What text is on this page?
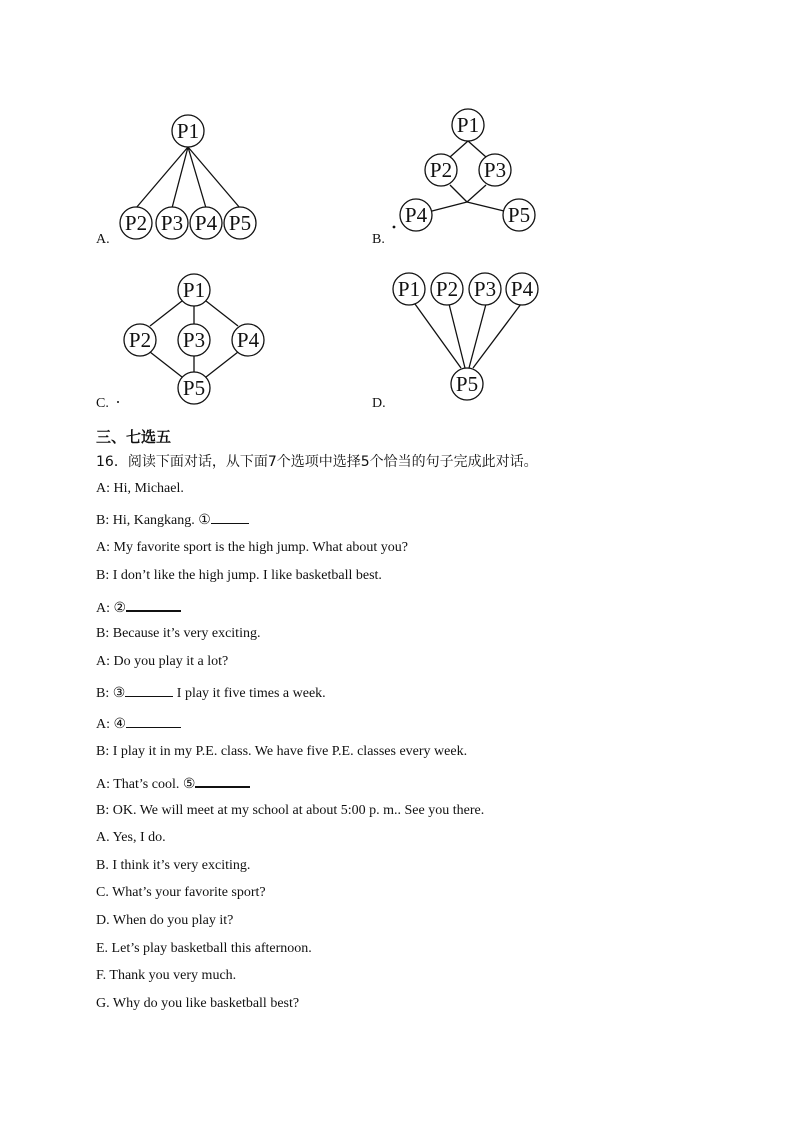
A.
P1
P2 P3 P4 P5
B.
P1
P2 P3
P4	P5
C.
P1
P2 P3 P4
P5
D.
P1 P2 P3 P4
P5
三、七选五
16．阅读下面对话，从下面7个选项中选择5个恰当的句子完成此对话。
A: Hi, Michael.
B: Hi, Kangkang. ①
A: My favorite sport is the high jump. What about you?
B: I don’t like the high jump. I like basketball best.
A: ②
B: Because it’s very exciting.
A: Do you play it a lot?
B: ③	I play it five times a week.
A: ④
B: I play it in my P.E. class. We have five P.E. classes every week.
A: That’s cool. ⑤
B: OK. We will meet at my school at about 5:00 p. m.. See you there.
A. Yes, I do.
B. I think it’s very exciting.
C. What’s your favorite sport?
D. When do you play it?
E. Let’s play basketball this afternoon.
F. Thank you very much.
G. Why do you like basketball best?
